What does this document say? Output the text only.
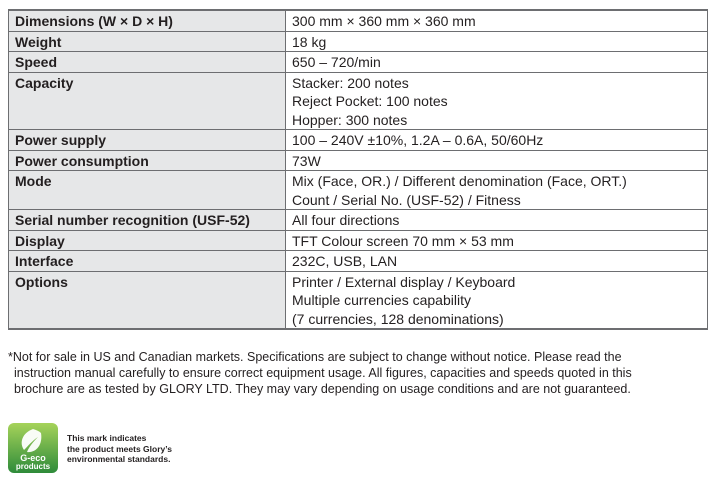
Dimensions (W × D × H)	300 mm × 360 mm × 360 mm

Weight	18 kg

Speed	650 – 720/min

Capacity	Stacker: 200 notes
Reject Pocket: 100 notes
Hopper: 300 notes

Power supply	100 – 240V ±10%, 1.2A – 0.6A, 50/60Hz

Power consumption	73W

Mode	Mix (Face, OR.) / Different denomination (Face, ORT.)
Count / Serial No. (USF-52) / Fitness

Serial number recognition (USF-52)	All four directions

Display	TFT Colour screen 70 mm × 53 mm

Interface	232C, USB, LAN

Options	Printer / External display / Keyboard
Multiple currencies capability
(7 currencies, 128 denominations)
*Not for sale in US and Canadian markets. Specifications are subject to change without notice. Please read the
instruction manual carefully to ensure correct equipment usage. All figures, capacities and speeds quoted in this
brochure are as tested by GLORY LTD. They may vary depending on usage conditions and are not guaranteed.
G-eco
products
This mark indicates
the product meets Glory’s
environmental standards.
